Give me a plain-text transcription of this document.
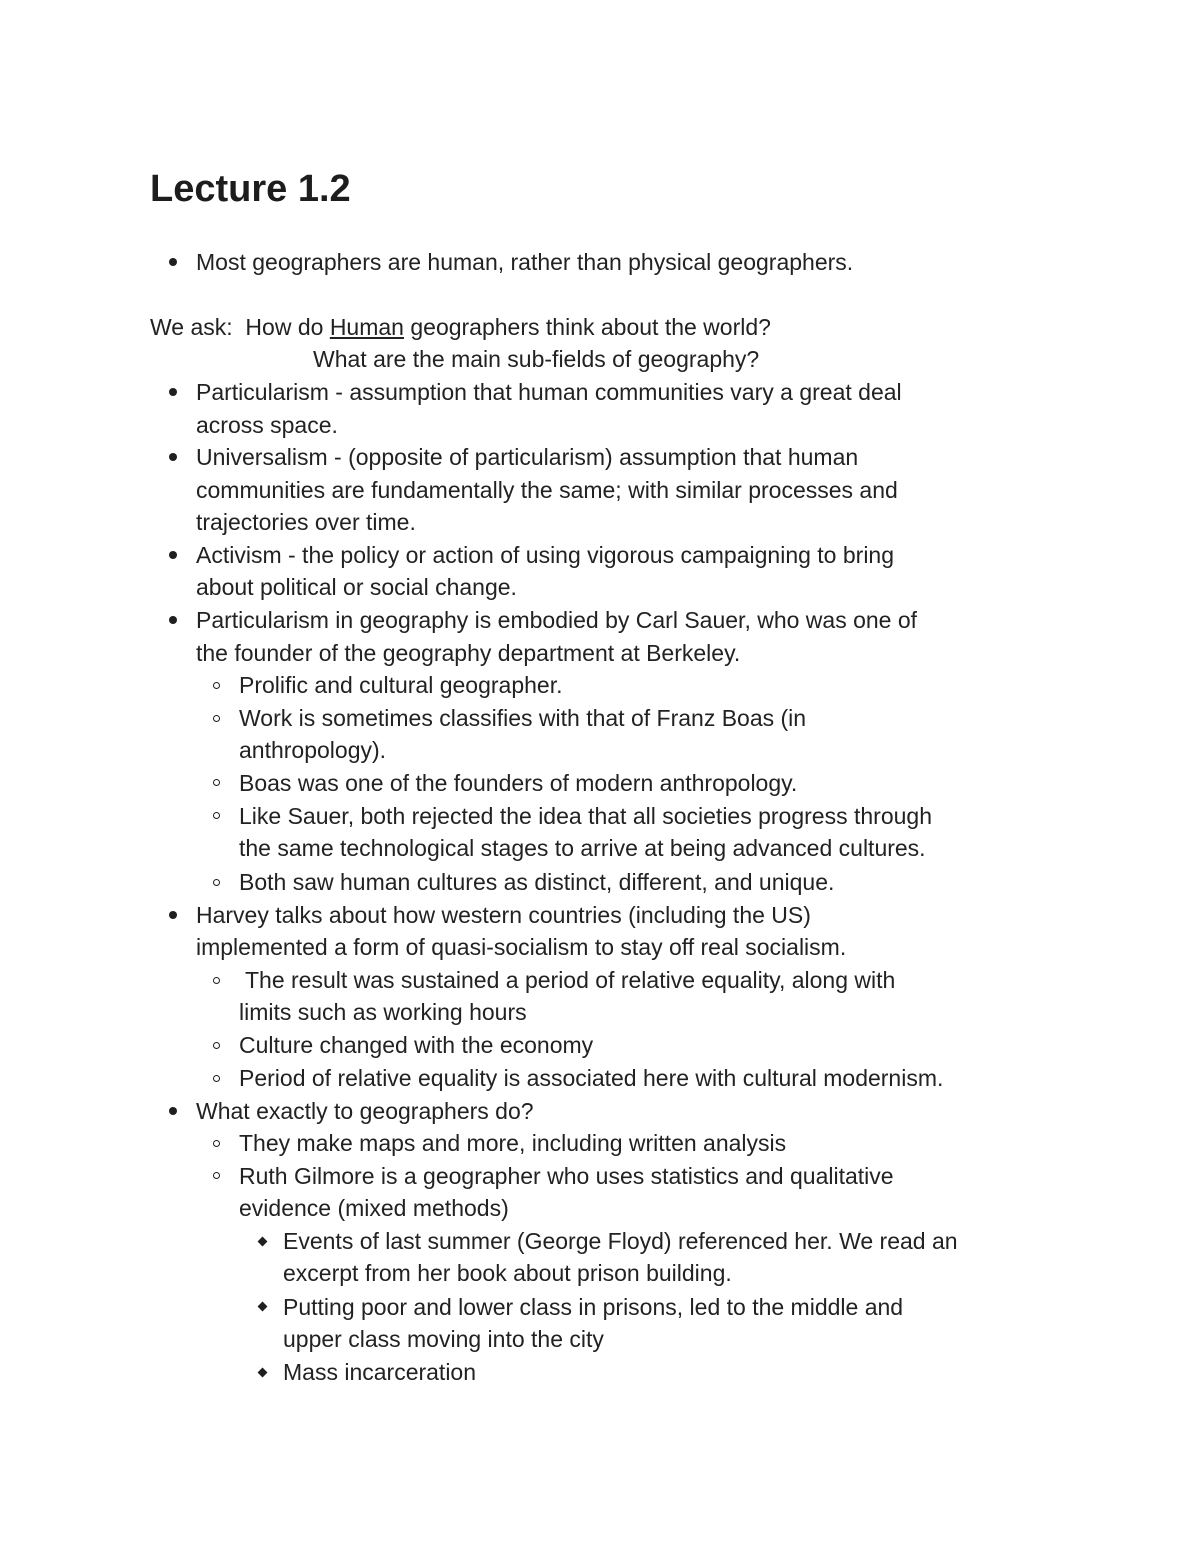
Lecture 1.2
Most geographers are human, rather than physical geographers.
We ask:  How do Human geographers think about the world?
What are the main sub-fields of geography?
Particularism - assumption that human communities vary a great deal
across space.
Universalism - (opposite of particularism) assumption that human
communities are fundamentally the same; with similar processes and
trajectories over time.
Activism - the policy or action of using vigorous campaigning to bring
about political or social change.
Particularism in geography is embodied by Carl Sauer, who was one of
the founder of the geography department at Berkeley.
Prolific and cultural geographer.
Work is sometimes classifies with that of Franz Boas (in
anthropology).
Boas was one of the founders of modern anthropology.
Like Sauer, both rejected the idea that all societies progress through
the same technological stages to arrive at being advanced cultures.
Both saw human cultures as distinct, different, and unique.
Harvey talks about how western countries (including the US)
implemented a form of quasi-socialism to stay off real socialism.
The result was sustained a period of relative equality, along with
limits such as working hours
Culture changed with the economy
Period of relative equality is associated here with cultural modernism.
What exactly to geographers do?
They make maps and more, including written analysis
Ruth Gilmore is a geographer who uses statistics and qualitative
evidence (mixed methods)
Events of last summer (George Floyd) referenced her. We read an
excerpt from her book about prison building.
Putting poor and lower class in prisons, led to the middle and
upper class moving into the city
Mass incarceration
